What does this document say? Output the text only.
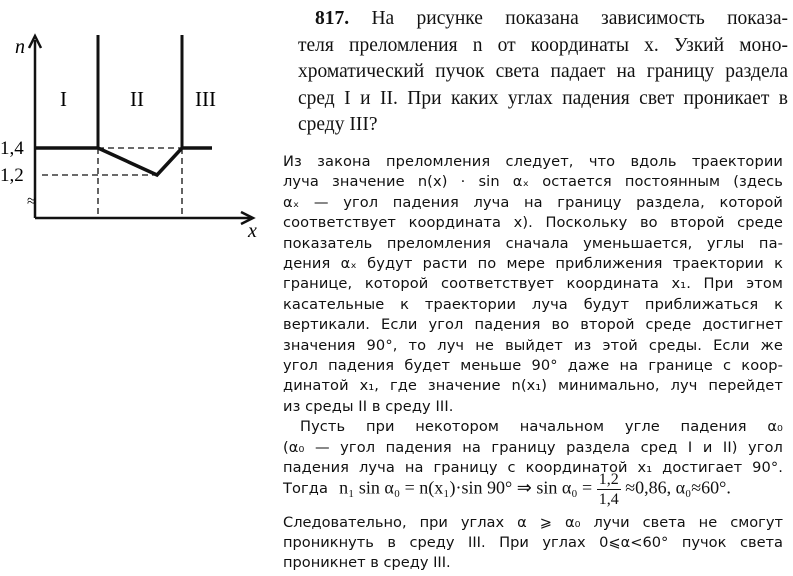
n
x
1,4
1,2
≈
I	II III
817. На рисунке показана зависимость показа-
теля преломления n от координаты x. Узкий моно-
хроматический пучок света падает на границу раздела
сред I и II. При каких углах падения свет проникает в
среду III?
Из закона преломления следует, что вдоль траектории
луча значение n(x) · sin αₓ остается постоянным (здесь
αₓ — угол падения луча на границу раздела, которой
соответствует координата x). Поскольку во второй среде
показатель преломления сначала уменьшается, углы па-
дения αₓ будут расти по мере приближения траектории к
границе, которой соответствует координата x₁. При этом
касательные к траектории луча будут приближаться к
вертикали. Если угол падения во второй среде достигнет
значения 90°, то луч не выйдет из этой среды. Если же
угол падения будет меньше 90° даже на границе с коор-
динатой x₁, где значение n(x₁) минимально, луч перейдет
из среды II в среду III.
Пусть при некотором начальном угле падения α₀
(α₀ — угол падения на границу раздела сред I и II) угол
падения луча на границу с координатой x₁ достигает 90°.
Тогда n₁ sin α₀ = n(x₁)·sin 90° ⇒ $\sin \alpha_0 = \frac{1,2}{1,4} \approx 0,86$, α₀≈60°.
Следовательно, при углах α ⩾ α₀ лучи света не смогут
проникнуть в среду III. При углах 0⩽α<60° пучок света
проникнет в среду III.
